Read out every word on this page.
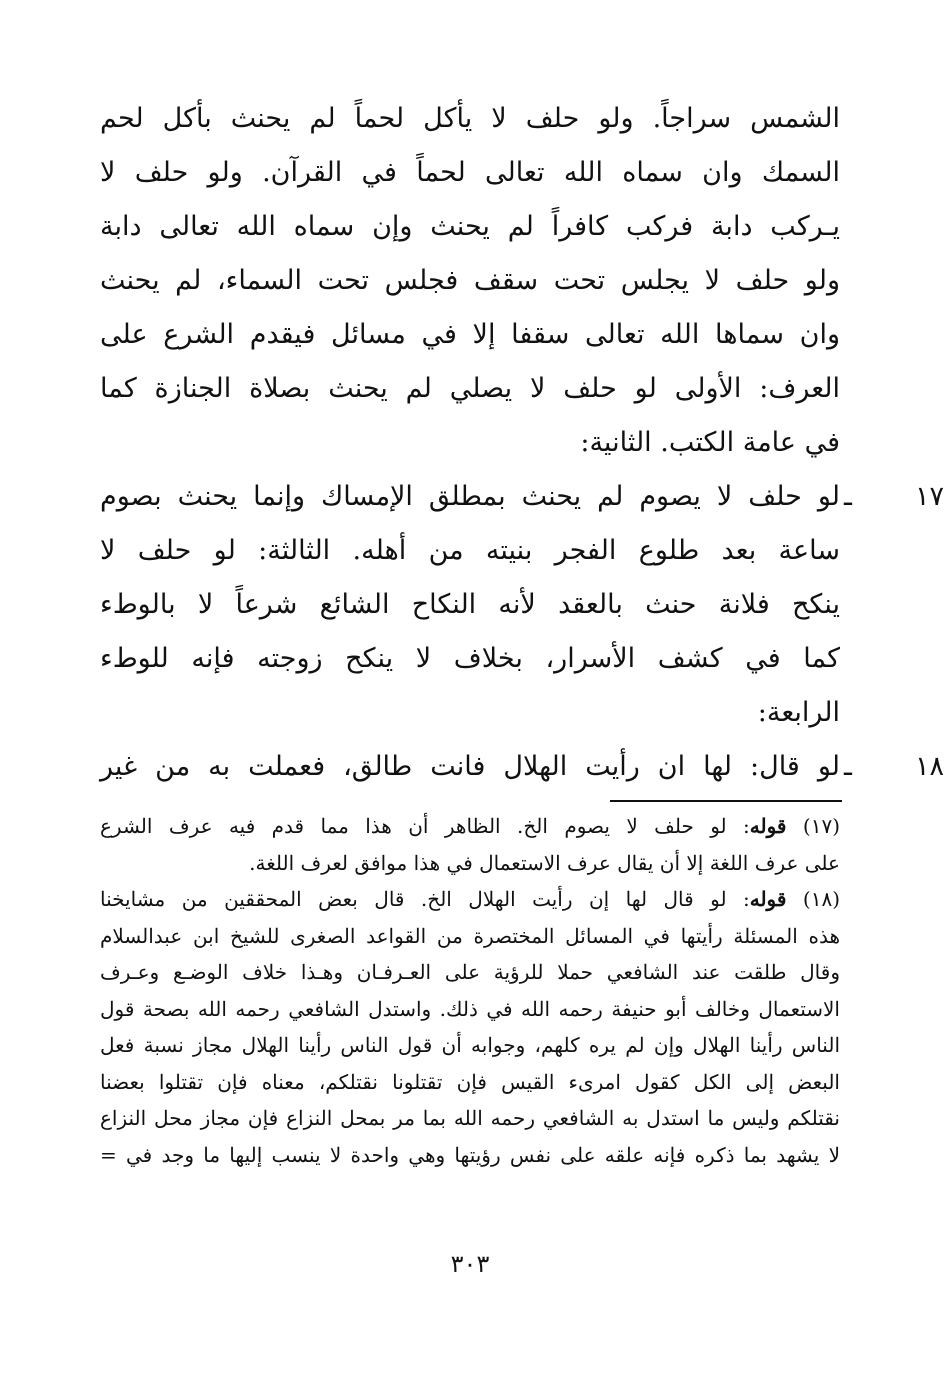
الشمس سراجاً. ولو حلف لا يأكل لحماً لم يحنث بأكل لحم
السمك وان سماه الله تعالى لحماً في القرآن. ولو حلف لا
يـركب دابة فركب كافراً لم يحنث وإن سماه الله تعالى دابة
ولو حلف لا يجلس تحت سقف فجلس تحت السماء، لم يحنث
وان سماها الله تعالى سقفا إلا في مسائل فيقدم الشرع على
العرف: الأولى لو حلف لا يصلي لم يحنث بصلاة الجنازة كما
في عامة الكتب. الثانية:
١٧ ـ
لو حلف لا يصوم لم يحنث بمطلق الإمساك وإنما يحنث بصوم
ساعة بعد طلوع الفجر بنيته من أهله. الثالثة: لو حلف لا
ينكح فلانة حنث بالعقد لأنه النكاح الشائع شرعاً لا بالوطء
كما في كشف الأسرار، بخلاف لا ينكح زوجته فإنه للوطء
الرابعة:
١٨ ـ
لو قال: لها ان رأيت الهلال فانت طالق، فعملت به من غير
(١٧) قوله: لو حلف لا يصوم الخ. الظاهر أن هذا مما قدم فيه عرف الشرع
على عرف اللغة إلا أن يقال عرف الاستعمال في هذا موافق لعرف اللغة.
(١٨) قوله: لو قال لها إن رأيت الهلال الخ. قال بعض المحققين من مشايخنا
هذه المسئلة رأيتها في المسائل المختصرة من القواعد الصغرى للشيخ ابن عبدالسلام
وقال طلقت عند الشافعي حملا للرؤية على العـرفـان وهـذا خلاف الوضـع وعـرف
الاستعمال وخالف أبو حنيفة رحمه الله في ذلك. واستدل الشافعي رحمه الله بصحة قول
الناس رأينا الهلال وإن لم يره كلهم، وجوابه أن قول الناس رأينا الهلال مجاز نسبة فعل
البعض إلى الكل كقول امرىء القيس فإن تقتلونا نقتلكم، معناه فإن تقتلوا بعضنا
نقتلكم وليس ما استدل به الشافعي رحمه الله بما مر بمحل النزاع فإن مجاز محل النزاع
لا يشهد بما ذكره فإنه علقه على نفس رؤيتها وهي واحدة لا ينسب إليها ما وجد في =
٣٠٣
